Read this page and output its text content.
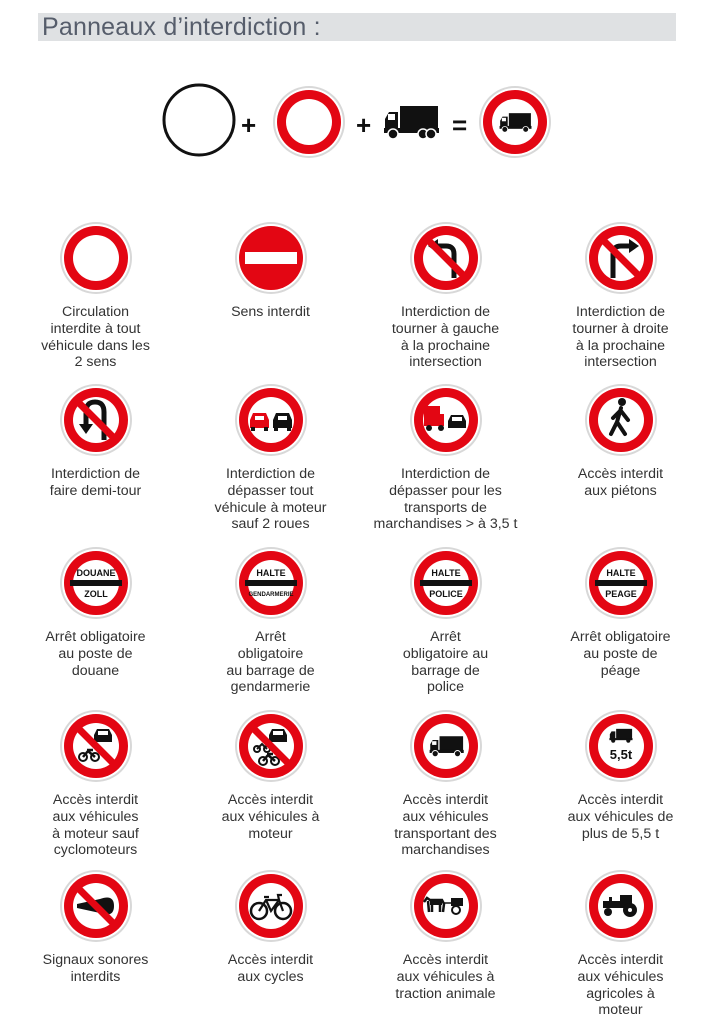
Panneaux d’interdiction :
+	+	=
Circulation
interdite à tout
véhicule dans les
2 sens
Sens interdit	Interdiction de
tourner à gauche
à la prochaine
intersection
Interdiction de
tourner à droite
à la prochaine
intersection
Interdiction de
faire demi-tour
Interdiction de
dépasser tout
véhicule à moteur
sauf 2 roues
Interdiction de
dépasser pour les
transports de
marchandises > à 3,5 t
Accès interdit
aux piétons
DOUANE
ZOLL
Arrêt obligatoire
au poste de
douane
HALTE
GENDARMERIE
Arrêt
obligatoire
au barrage de
gendarmerie
HALTE
POLICE
Arrêt
obligatoire au
barrage de
police
HALTE
PEAGE
Arrêt obligatoire
au poste de
péage
Accès interdit
aux véhicules
à moteur sauf
cyclomoteurs
Accès interdit
aux véhicules à
moteur
Accès interdit
aux véhicules
transportant des
marchandises
5,5t
Accès interdit
aux véhicules de
plus de 5,5 t
Signaux sonores
interdits
Accès interdit
aux cycles
Accès interdit
aux véhicules à
traction animale
Accès interdit
aux véhicules
agricoles à
moteur
